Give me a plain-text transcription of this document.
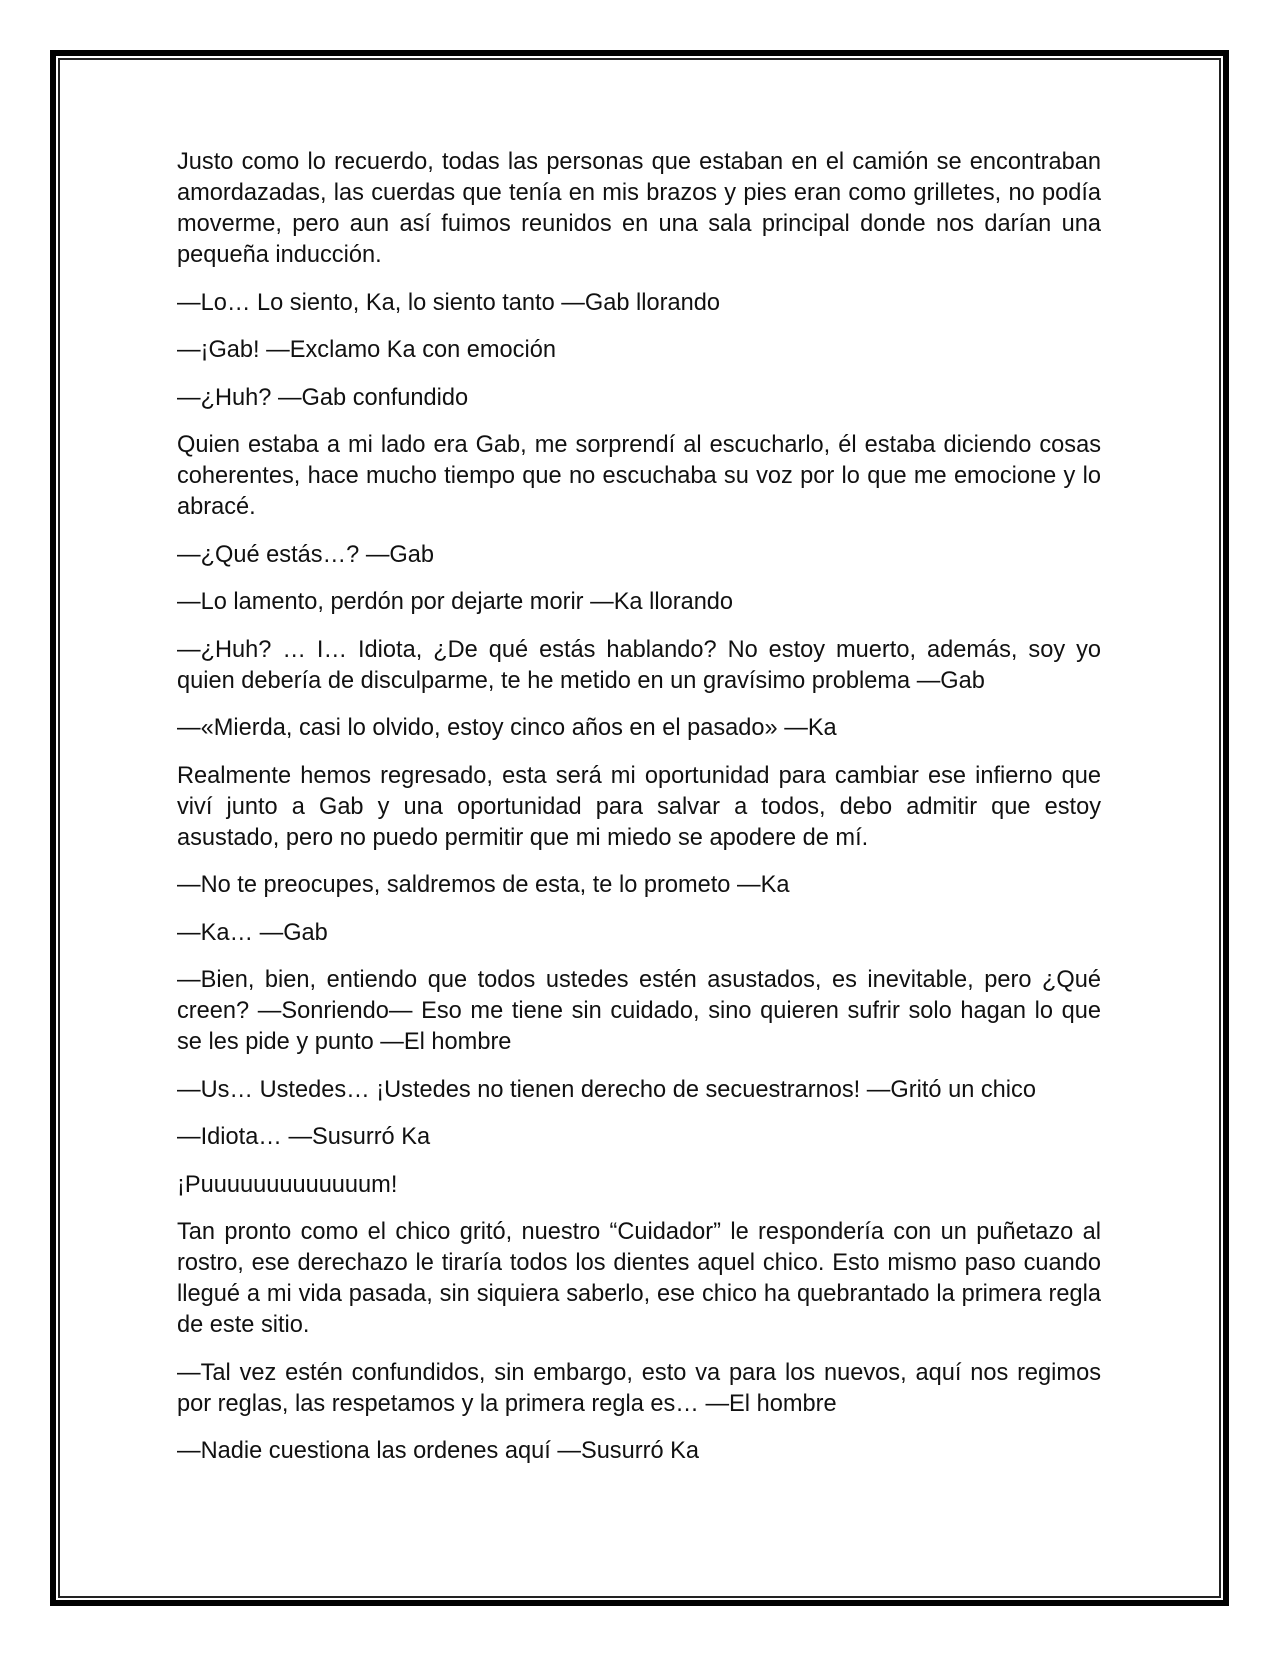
Justo como lo recuerdo, todas las personas que estaban en el camión se encontraban amordazadas, las cuerdas que tenía en mis brazos y pies eran como grilletes, no podía moverme, pero aun así fuimos reunidos en una sala principal donde nos darían una pequeña inducción.

—Lo… Lo siento, Ka, lo siento tanto —Gab llorando

—¡Gab! —Exclamo Ka con emoción

—¿Huh? —Gab confundido

Quien estaba a mi lado era Gab, me sorprendí al escucharlo, él estaba diciendo cosas coherentes, hace mucho tiempo que no escuchaba su voz por lo que me emocione y lo abracé.

—¿Qué estás…? —Gab

—Lo lamento, perdón por dejarte morir —Ka llorando

—¿Huh? … I… Idiota, ¿De qué estás hablando? No estoy muerto, además, soy yo quien debería de disculparme, te he metido en un gravísimo problema —Gab

—«Mierda, casi lo olvido, estoy cinco años en el pasado» —Ka

Realmente hemos regresado, esta será mi oportunidad para cambiar ese infierno que viví junto a Gab y una oportunidad para salvar a todos, debo admitir que estoy asustado, pero no puedo permitir que mi miedo se apodere de mí.

—No te preocupes, saldremos de esta, te lo prometo —Ka

—Ka… —Gab

—Bien, bien, entiendo que todos ustedes estén asustados, es inevitable, pero ¿Qué creen? —Sonriendo— Eso me tiene sin cuidado, sino quieren sufrir solo hagan lo que se les pide y punto —El hombre

—Us… Ustedes… ¡Ustedes no tienen derecho de secuestrarnos! —Gritó un chico

—Idiota… —Susurró Ka

¡Puuuuuuuuuuuuum!

Tan pronto como el chico gritó, nuestro “Cuidador” le respondería con un puñetazo al rostro, ese derechazo le tiraría todos los dientes aquel chico. Esto mismo paso cuando llegué a mi vida pasada, sin siquiera saberlo, ese chico ha quebrantado la primera regla de este sitio.

—Tal vez estén confundidos, sin embargo, esto va para los nuevos, aquí nos regimos por reglas, las respetamos y la primera regla es… —El hombre

—Nadie cuestiona las ordenes aquí —Susurró Ka
